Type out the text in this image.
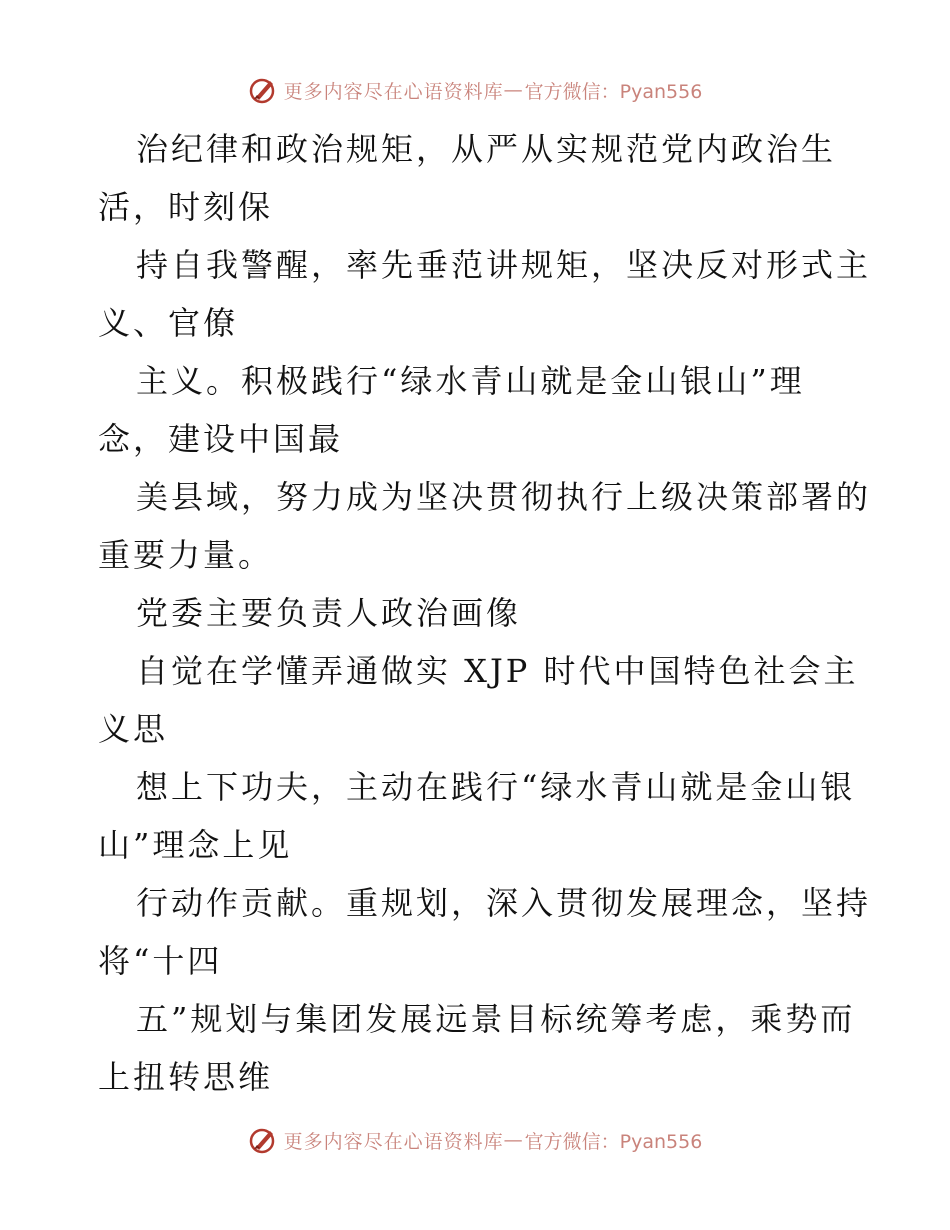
更多内容尽在心语资料库 — 官方微信：Pyan556
治纪律和政治规矩，从严从实规范党内政治生
活，时刻保
持自我警醒，率先垂范讲规矩，坚决反对形式主
义、官僚
主义。积极践行“绿水青山就是金山银山”理
念，建设中国最
美县域，努力成为坚决贯彻执行上级决策部署的
重要力量。
党委主要负责人政治画像
自觉在学懂弄通做实 XJP 时代中国特色社会主
义思
想上下功夫，主动在践行“绿水青山就是金山银
山”理念上见
行动作贡献。重规划，深入贯彻发展理念，坚持
将“十四
五”规划与集团发展远景目标统筹考虑，乘势而
上扭转思维
更多内容尽在心语资料库 — 官方微信：Pyan556
